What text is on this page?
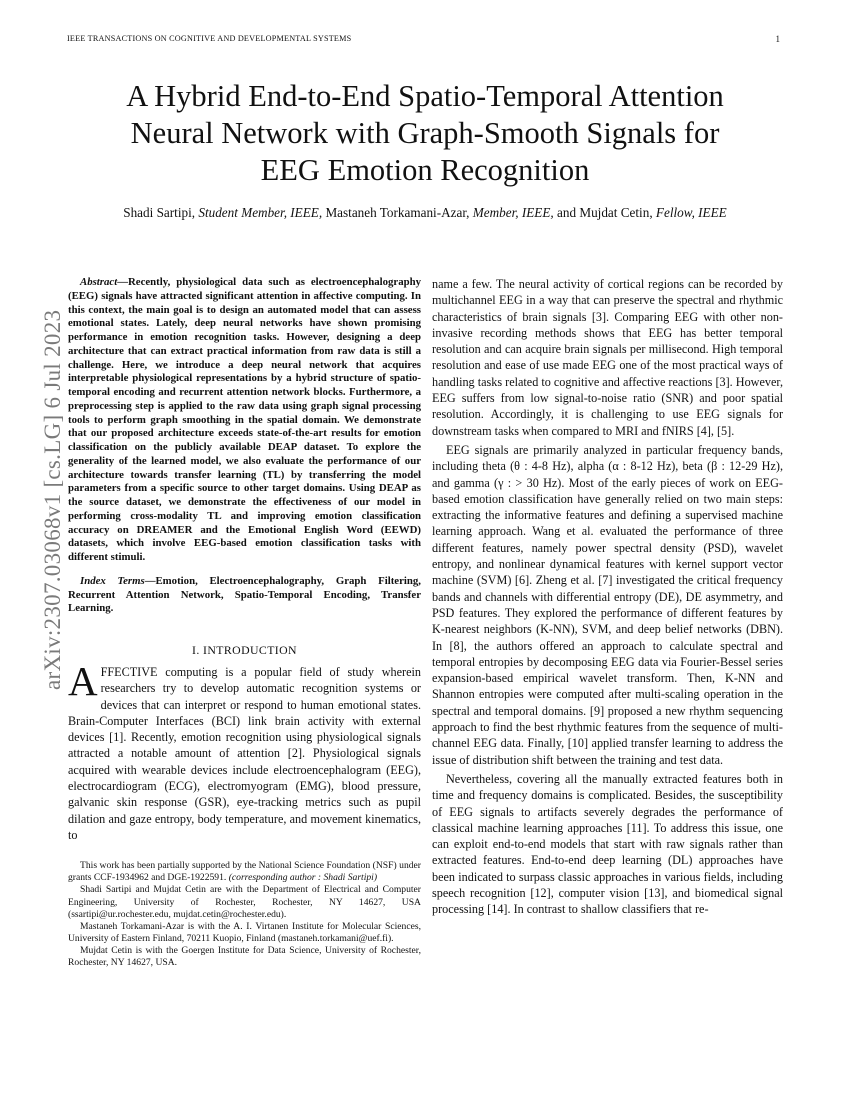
IEEE TRANSACTIONS ON COGNITIVE AND DEVELOPMENTAL SYSTEMS	1
arXiv:2307.03068v1 [cs.LG] 6 Jul 2023
A Hybrid End-to-End Spatio-Temporal Attention
Neural Network with Graph-Smooth Signals for
EEG Emotion Recognition
Shadi Sartipi, Student Member, IEEE, Mastaneh Torkamani-Azar, Member, IEEE, and Mujdat Cetin, Fellow, IEEE

Abstract—Recently, physiological data such as electroencephalography (EEG) signals have attracted significant attention in affective computing. In this context, the main goal is to design an automated model that can assess emotional states. Lately, deep neural networks have shown promising performance in emotion recognition tasks. However, designing a deep architecture that can extract practical information from raw data is still a challenge. Here, we introduce a deep neural network that acquires interpretable physiological representations by a hybrid structure of spatio-temporal encoding and recurrent attention network blocks. Furthermore, a preprocessing step is applied to the raw data using graph signal processing tools to perform graph smoothing in the spatial domain. We demonstrate that our proposed architecture exceeds state-of-the-art results for emotion classification on the publicly available DEAP dataset. To explore the generality of the learned model, we also evaluate the performance of our architecture towards transfer learning (TL) by transferring the model parameters from a specific source to other target domains. Using DEAP as the source dataset, we demonstrate the effectiveness of our model in performing cross-modality TL and improving emotion classification accuracy on DREAMER and the Emotional English Word (EEWD) datasets, which involve EEG-based emotion classification tasks with different stimuli.

Index Terms—Emotion, Electroencephalography, Graph Filtering, Recurrent Attention Network, Spatio-Temporal Encoding, Transfer Learning.

I. INTRODUCTION

AFFECTIVE computing is a popular field of study wherein researchers try to develop automatic recognition systems or devices that can interpret or respond to human emotional states. Brain-Computer Interfaces (BCI) link brain activity with external devices [1]. Recently, emotion recognition using physiological signals attracted a notable amount of attention [2]. Physiological signals acquired with wearable devices include electroencephalogram (EEG), electrocardiogram (ECG), electromyogram (EMG), blood pressure, galvanic skin response (GSR), eye-tracking metrics such as pupil dilation and gaze entropy, body temperature, and movement kinematics, to

This work has been partially supported by the National Science Foundation (NSF) under grants CCF-1934962 and DGE-1922591. (corresponding author : Shadi Sartipi)

Shadi Sartipi and Mujdat Cetin are with the Department of Electrical and Computer Engineering, University of Rochester, Rochester, NY 14627, USA (ssartipi@ur.rochester.edu, mujdat.cetin@rochester.edu).

Mastaneh Torkamani-Azar is with the A. I. Virtanen Institute for Molecular Sciences, University of Eastern Finland, 70211 Kuopio, Finland (mastaneh.torkamani@uef.fi).

Mujdat Cetin is with the Goergen Institute for Data Science, University of Rochester, Rochester, NY 14627, USA.

name a few. The neural activity of cortical regions can be recorded by multichannel EEG in a way that can preserve the spectral and rhythmic characteristics of brain signals [3]. Comparing EEG with other non-invasive recording methods shows that EEG has better temporal resolution and can acquire brain signals per millisecond. High temporal resolution and ease of use made EEG one of the most practical ways of handling tasks related to cognitive and affective reactions [3]. However, EEG suffers from low signal-to-noise ratio (SNR) and poor spatial resolution. Accordingly, it is challenging to use EEG signals for downstream tasks when compared to MRI and fNIRS [4], [5].

EEG signals are primarily analyzed in particular frequency bands, including theta (θ : 4-8 Hz), alpha (α : 8-12 Hz), beta (β : 12-29 Hz), and gamma (γ : > 30 Hz). Most of the early pieces of work on EEG-based emotion classification have generally relied on two main steps: extracting the informative features and defining a supervised machine learning approach. Wang et al. evaluated the performance of three different features, namely power spectral density (PSD), wavelet entropy, and nonlinear dynamical features with kernel support vector machine (SVM) [6]. Zheng et al. [7] investigated the critical frequency bands and channels with differential entropy (DE), DE asymmetry, and PSD features. They explored the performance of different features by K-nearest neighbors (K-NN), SVM, and deep belief networks (DBN). In [8], the authors offered an approach to calculate spectral and temporal entropies by decomposing EEG data via Fourier-Bessel series expansion-based empirical wavelet transform. Then, K-NN and Shannon entropies were computed after multi-scaling operation in the spectral and temporal domains. [9] proposed a new rhythm sequencing approach to find the best rhythmic features from the sequence of multi-channel EEG data. Finally, [10] applied transfer learning to address the issue of distribution shift between the training and test data.

Nevertheless, covering all the manually extracted features both in time and frequency domains is complicated. Besides, the susceptibility of EEG signals to artifacts severely degrades the performance of classical machine learning approaches [11]. To address this issue, one can exploit end-to-end models that start with raw signals rather than extracted features. End-to-end deep learning (DL) approaches have been indicated to surpass classic approaches in various fields, including speech recognition [12], computer vision [13], and biomedical signal processing [14]. In contrast to shallow classifiers that re-
